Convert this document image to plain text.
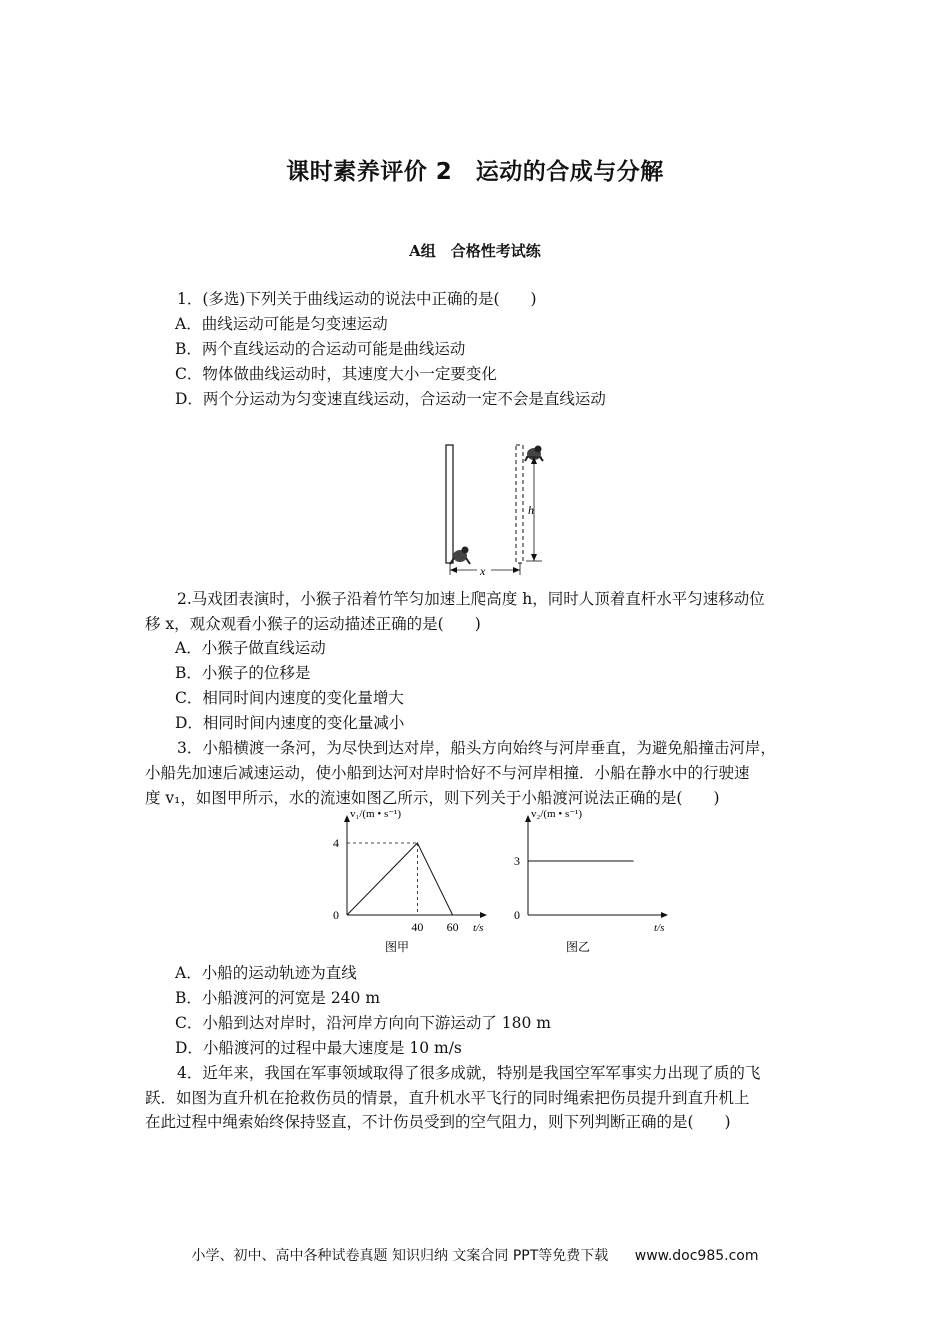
课时素养评价 2　运动的合成与分解
A组　合格性考试练
1．(多选)下列关于曲线运动的说法中正确的是(　　)
A．曲线运动可能是匀变速运动
B．两个直线运动的合运动可能是曲线运动
C．物体做曲线运动时，其速度大小一定要变化
D．两个分运动为匀变速直线运动，合运动一定不会是直线运动
h
x
2.马戏团表演时，小猴子沿着竹竿匀加速上爬高度 h，同时人顶着直杆水平匀速移动位
移 x，观众观看小猴子的运动描述正确的是(　　)
A．小猴子做直线运动
B．小猴子的位移是
C．相同时间内速度的变化量增大
D．相同时间内速度的变化量减小
3．小船横渡一条河，为尽快到达对岸，船头方向始终与河岸垂直，为避免船撞击河岸，
小船先加速后减速运动，使小船到达河对岸时恰好不与河岸相撞．小船在静水中的行驶速
度 v₁，如图甲所示，水的流速如图乙所示，则下列关于小船渡河说法正确的是(　　)
v₁/(m • s⁻¹)
t/s
0
4
40 60
图甲
v₂/(m • s⁻¹)
t/s
0
3
图乙
A．小船的运动轨迹为直线
B．小船渡河的河宽是 240 m
C．小船到达对岸时，沿河岸方向向下游运动了 180 m
D．小船渡河的过程中最大速度是 10 m/s
4．近年来，我国在军事领域取得了很多成就，特别是我国空军军事实力出现了质的飞
跃．如图为直升机在抢救伤员的情景，直升机水平飞行的同时绳索把伤员提升到直升机上
在此过程中绳索始终保持竖直，不计伤员受到的空气阻力，则下列判断正确的是(　　)
小学、初中、高中各种试卷真题 知识归纳 文案合同 PPT等免费下载 www.doc985.com
